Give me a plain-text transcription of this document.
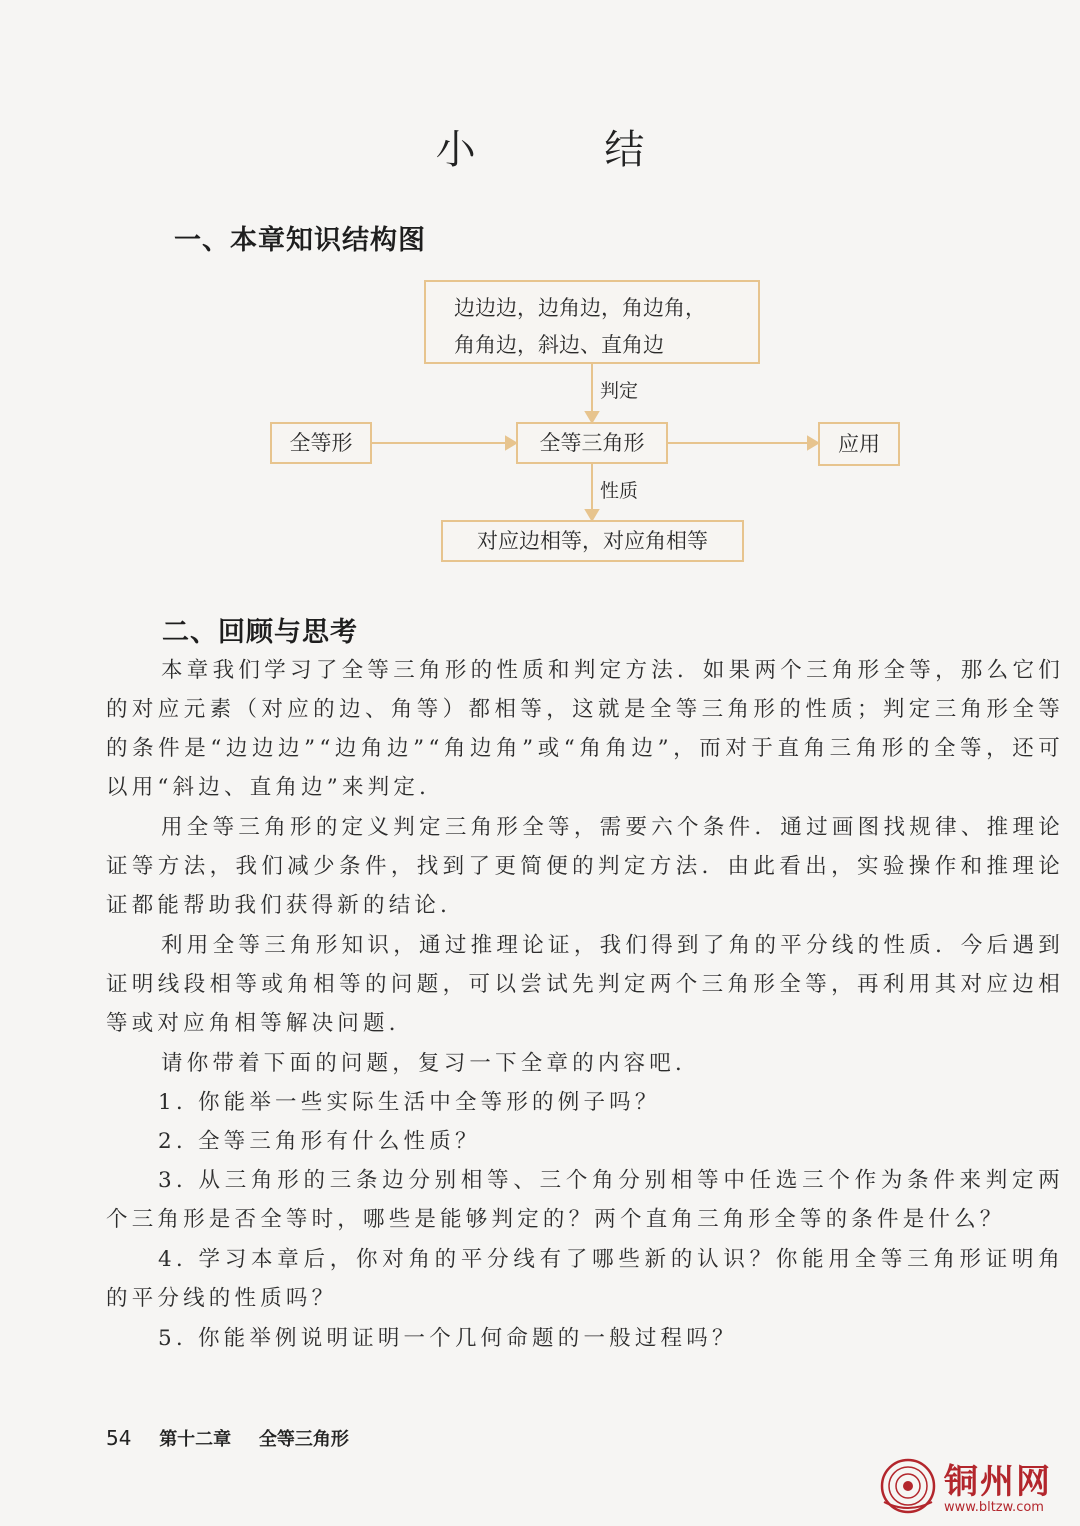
小 结
一、本章知识结构图
边边边，边角边，角边角，
角角边，斜边、直角边
判定
全等形	全等三角形	应用
性质
对应边相等，对应角相等
二、回顾与思考
本章我们学习了全等三角形的性质和判定方法．如果两个三角形全等，那么它们的对应元素（对应的边、角等）都相等，这就是全等三角形的性质；判定三角形全等的条件是“边边边”“边角边”“角边角”或“角角边”，而对于直角三角形的全等，还可以用“斜边、直角边”来判定．
用全等三角形的定义判定三角形全等，需要六个条件．通过画图找规律、推理论证等方法，我们减少条件，找到了更简便的判定方法．由此看出，实验操作和推理论证都能帮助我们获得新的结论．
利用全等三角形知识，通过推理论证，我们得到了角的平分线的性质．今后遇到证明线段相等或角相等的问题，可以尝试先判定两个三角形全等，再利用其对应边相等或对应角相等解决问题．
请你带着下面的问题，复习一下全章的内容吧．
1. 你能举一些实际生活中全等形的例子吗？
2. 全等三角形有什么性质？
3. 从三角形的三条边分别相等、三个角分别相等中任选三个作为条件来判定两个三角形是否全等时，哪些是能够判定的？两个直角三角形全等的条件是什么？
4. 学习本章后，你对角的平分线有了哪些新的认识？你能用全等三角形证明角的平分线的性质吗？
5. 你能举例说明证明一个几何命题的一般过程吗？
54 第十二章 全等三角形
铜州网
www.bltzw.com
